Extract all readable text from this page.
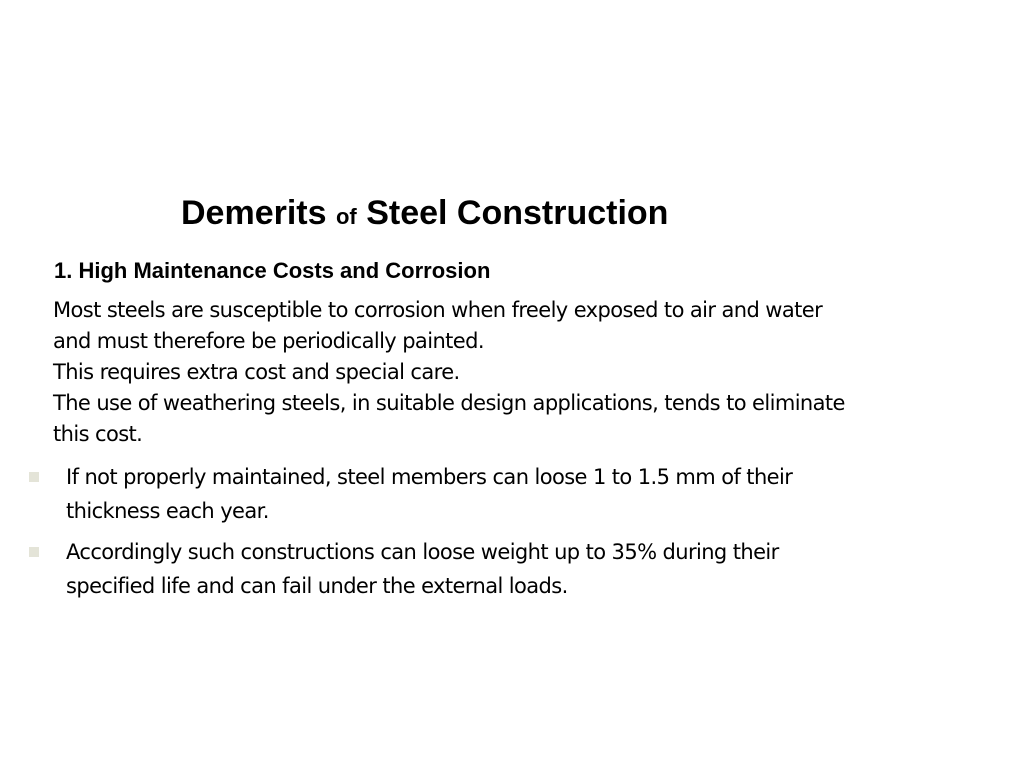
Demerits of Steel Construction
1. High Maintenance Costs and Corrosion

Most steels are susceptible to corrosion when freely exposed to air and water
and must therefore be periodically painted.
This requires extra cost and special care.
The use of weathering steels, in suitable design applications, tends to eliminate
this cost.

If not properly maintained, steel members can loose 1 to 1.5 mm of their
thickness each year.
Accordingly such constructions can loose weight up to 35% during their
specified life and can fail under the external loads.
